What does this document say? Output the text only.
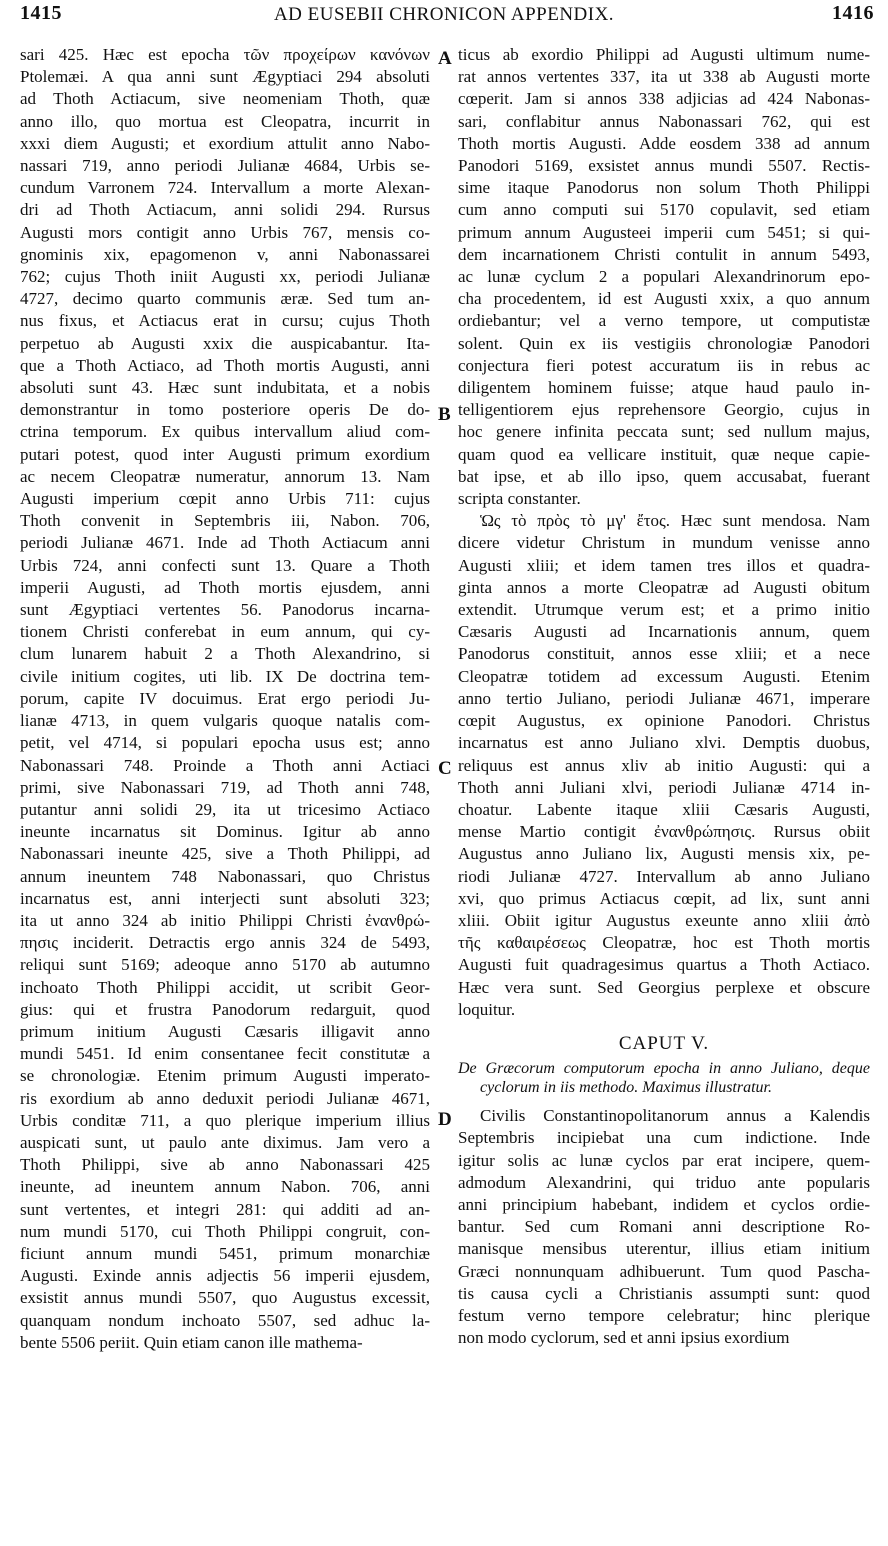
1415	AD EUSEBII CHRONICON APPENDIX.	1416
A
B
C
D
sari 425. Hæc est epocha τῶν προχείρων κανόνων
Ptolemæi. A qua anni sunt Ægyptiaci 294 absoluti
ad Thoth Actiacum, sive neomeniam Thoth, quæ
anno illo, quo mortua est Cleopatra, incurrit in
xxxi diem Augusti; et exordium attulit anno Nabo-
nassari 719, anno periodi Julianæ 4684, Urbis se-
cundum Varronem 724. Intervallum a morte Alexan-
dri ad Thoth Actiacum, anni solidi 294. Rursus
Augusti mors contigit anno Urbis 767, mensis co-
gnominis xix, epagomenon v, anni Nabonassarei
762; cujus Thoth iniit Augusti xx, periodi Julianæ
4727, decimo quarto communis æræ. Sed tum an-
nus fixus, et Actiacus erat in cursu; cujus Thoth
perpetuo ab Augusti xxix die auspicabantur. Ita-
que a Thoth Actiaco, ad Thoth mortis Augusti, anni
absoluti sunt 43. Hæc sunt indubitata, et a nobis
demonstrantur in tomo posteriore operis De do-
ctrina temporum. Ex quibus intervallum aliud com-
putari potest, quod inter Augusti primum exordium
ac necem Cleopatræ numeratur, annorum 13. Nam
Augusti imperium cœpit anno Urbis 711: cujus
Thoth convenit in Septembris iii, Nabon. 706,
periodi Julianæ 4671. Inde ad Thoth Actiacum anni
Urbis 724, anni confecti sunt 13. Quare a Thoth
imperii Augusti, ad Thoth mortis ejusdem, anni
sunt Ægyptiaci vertentes 56. Panodorus incarna-
tionem Christi conferebat in eum annum, qui cy-
clum lunarem habuit 2 a Thoth Alexandrino, si
civile initium cogites, uti lib. IX De doctrina tem-
porum, capite IV docuimus. Erat ergo periodi Ju-
lianæ 4713, in quem vulgaris quoque natalis com-
petit, vel 4714, si populari epocha usus est; anno
Nabonassari 748. Proinde a Thoth anni Actiaci
primi, sive Nabonassari 719, ad Thoth anni 748,
putantur anni solidi 29, ita ut tricesimo Actiaco
ineunte incarnatus sit Dominus. Igitur ab anno
Nabonassari ineunte 425, sive a Thoth Philippi, ad
annum ineuntem 748 Nabonassari, quo Christus
incarnatus est, anni interjecti sunt absoluti 323;
ita ut anno 324 ab initio Philippi Christi ἐνανθρώ-
πησις inciderit. Detractis ergo annis 324 de 5493,
reliqui sunt 5169; adeoque anno 5170 ab autumno
inchoato Thoth Philippi accidit, ut scribit Geor-
gius: qui et frustra Panodorum redarguit, quod
primum initium Augusti Cæsaris illigavit anno
mundi 5451. Id enim consentanee fecit constitutæ a
se chronologiæ. Etenim primum Augusti imperato-
ris exordium ab anno deduxit periodi Julianæ 4671,
Urbis conditæ 711, a quo plerique imperium illius
auspicati sunt, ut paulo ante diximus. Jam vero a
Thoth Philippi, sive ab anno Nabonassari 425
ineunte, ad ineuntem annum Nabon. 706, anni
sunt vertentes, et integri 281: qui additi ad an-
num mundi 5170, cui Thoth Philippi congruit, con-
ficiunt annum mundi 5451, primum monarchiæ
Augusti. Exinde annis adjectis 56 imperii ejusdem,
exsistit annus mundi 5507, quo Augustus excessit,
quanquam nondum inchoato 5507, sed adhuc la-
bente 5506 periit. Quin etiam canon ille mathema-
ticus ab exordio Philippi ad Augusti ultimum nume-
rat annos vertentes 337, ita ut 338 ab Augusti morte
cœperit. Jam si annos 338 adjicias ad 424 Nabonas-
sari, conflabitur annus Nabonassari 762, qui est
Thoth mortis Augusti. Adde eosdem 338 ad annum
Panodori 5169, exsistet annus mundi 5507. Rectis-
sime itaque Panodorus non solum Thoth Philippi
cum anno computi sui 5170 copulavit, sed etiam
primum annum Augusteei imperii cum 5451; si qui-
dem incarnationem Christi contulit in annum 5493,
ac lunæ cyclum 2 a populari Alexandrinorum epo-
cha procedentem, id est Augusti xxix, a quo annum
ordiebantur; vel a verno tempore, ut computistæ
solent. Quin ex iis vestigiis chronologiæ Panodori
conjectura fieri potest accuratum iis in rebus ac
diligentem hominem fuisse; atque haud paulo in-
telligentiorem ejus reprehensore Georgio, cujus in
hoc genere infinita peccata sunt; sed nullum majus,
quam quod ea vellicare instituit, quæ neque capie-
bat ipse, et ab illo ipso, quem accusabat, fuerant
scripta constanter.
Ὡς τὸ πρὸς τὸ μγ' ἔτος. Hæc sunt mendosa. Nam
dicere videtur Christum in mundum venisse anno
Augusti xliii; et idem tamen tres illos et quadra-
ginta annos a morte Cleopatræ ad Augusti obitum
extendit. Utrumque verum est; et a primo initio
Cæsaris Augusti ad Incarnationis annum, quem
Panodorus constituit, annos esse xliii; et a nece
Cleopatræ totidem ad excessum Augusti. Etenim
anno tertio Juliano, periodi Julianæ 4671, imperare
cœpit Augustus, ex opinione Panodori. Christus
incarnatus est anno Juliano xlvi. Demptis duobus,
reliquus est annus xliv ab initio Augusti: qui a
Thoth anni Juliani xlvi, periodi Julianæ 4714 in-
choatur. Labente itaque xliii Cæsaris Augusti,
mense Martio contigit ἐνανθρώπησις. Rursus obiit
Augustus anno Juliano lix, Augusti mensis xix, pe-
riodi Julianæ 4727. Intervallum ab anno Juliano
xvi, quo primus Actiacus cœpit, ad lix, sunt anni
xliii. Obiit igitur Augustus exeunte anno xliii ἀπὸ
τῆς καθαιρέσεως Cleopatræ, hoc est Thoth mortis
Augusti fuit quadragesimus quartus a Thoth Actiaco.
Hæc vera sunt. Sed Georgius perplexe et obscure
loquitur.
CAPUT V.
De Græcorum computorum epocha in anno Juliano, deque cyclorum in iis methodo. Maximus illustratur.
Civilis Constantinopolitanorum annus a Kalendis
Septembris incipiebat una cum indictione. Inde
igitur solis ac lunæ cyclos par erat incipere, quem-
admodum Alexandrini, qui triduo ante popularis
anni principium habebant, indidem et cyclos ordie-
bantur. Sed cum Romani anni descriptione Ro-
manisque mensibus uterentur, illius etiam initium
Græci nonnunquam adhibuerunt. Tum quod Pascha-
tis causa cycli a Christianis assumpti sunt: quod
festum verno tempore celebratur; hinc plerique
non modo cyclorum, sed et anni ipsius exordium
